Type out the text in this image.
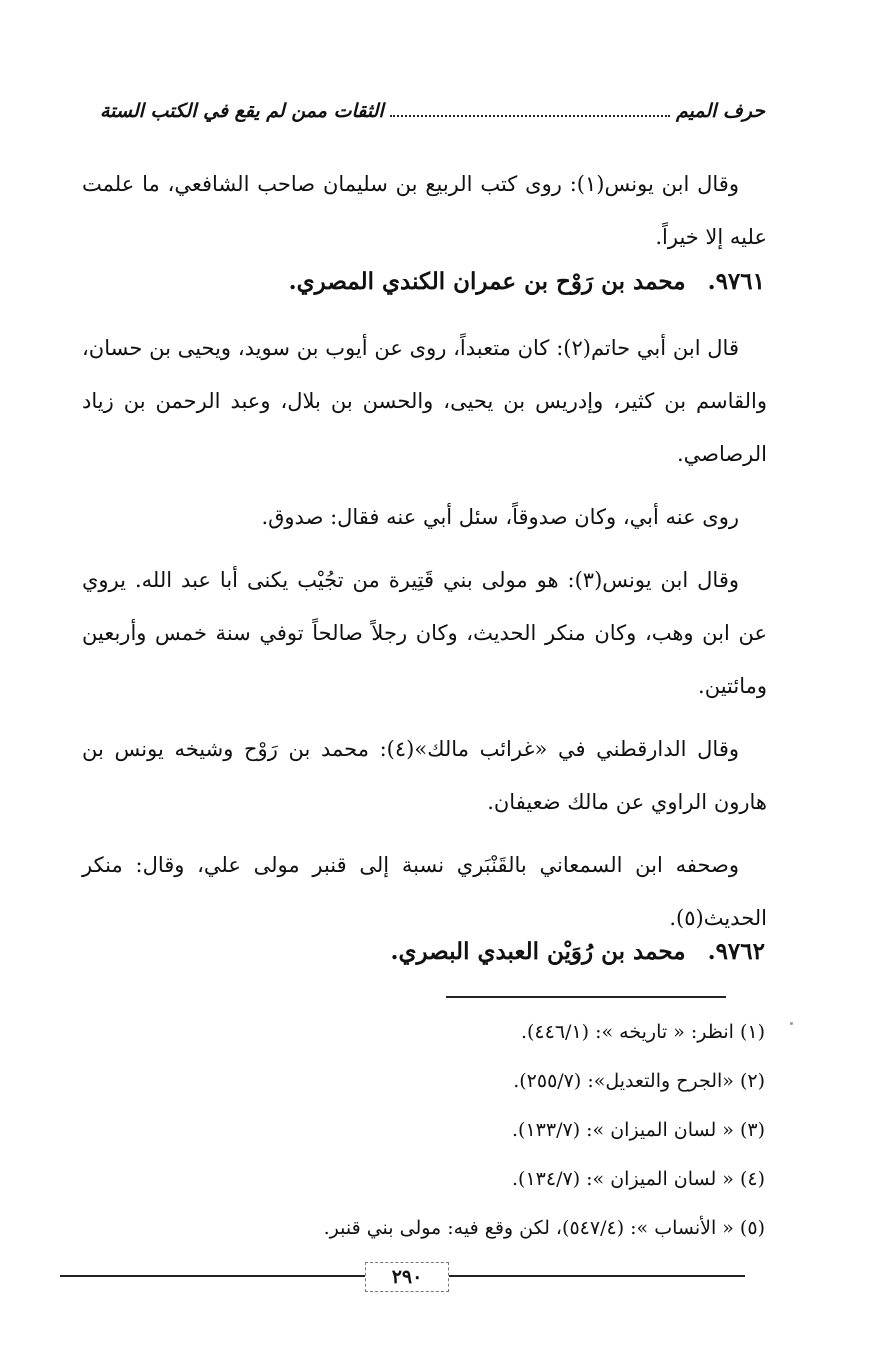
الثقات ممن لم يقع في الكتب الستة	حرف الميم

وقال ابن يونس(١): روى كتب الربيع بن سليمان صاحب الشافعي، ما علمت عليه إلا خيراً.

٩٧٦١.محمد بن رَوْح بن عمران الكندي المصري.

قال ابن أبي حاتم(٢): كان متعبداً، روى عن أيوب بن سويد، ويحيى بن حسان، والقاسم بن كثير، وإدريس بن يحيى، والحسن بن بلال، وعبد الرحمن بن زياد الرصاصي.

روى عنه أبي، وكان صدوقاً، سئل أبي عنه فقال: صدوق.

وقال ابن يونس(٣): هو مولى بني قَتِيرة من تجُيْب يكنى أبا عبد الله. يروي عن ابن وهب، وكان منكر الحديث، وكان رجلاً صالحاً توفي سنة خمس وأربعين ومائتين.

وقال الدارقطني في «غرائب مالك»(٤): محمد بن رَوْح وشيخه يونس بن هارون الراوي عن مالك ضعيفان.

وصحفه ابن السمعاني بالقَنْبَري نسبة إلى قنبر مولى علي، وقال: منكر الحديث(٥).

٩٧٦٢.محمد بن رُوَيْن العبدي البصري.

(١) انظر: « تاريخه »: (٤٤٦/١).

(٢) «الجرح والتعديل»: (٢٥٥/٧).

(٣) « لسان الميزان »: (١٣٣/٧).

(٤) « لسان الميزان »: (١٣٤/٧).

(٥) « الأنساب »: (٥٤٧/٤)، لكن وقع فيه: مولى بني قنبر.

٢٩٠
